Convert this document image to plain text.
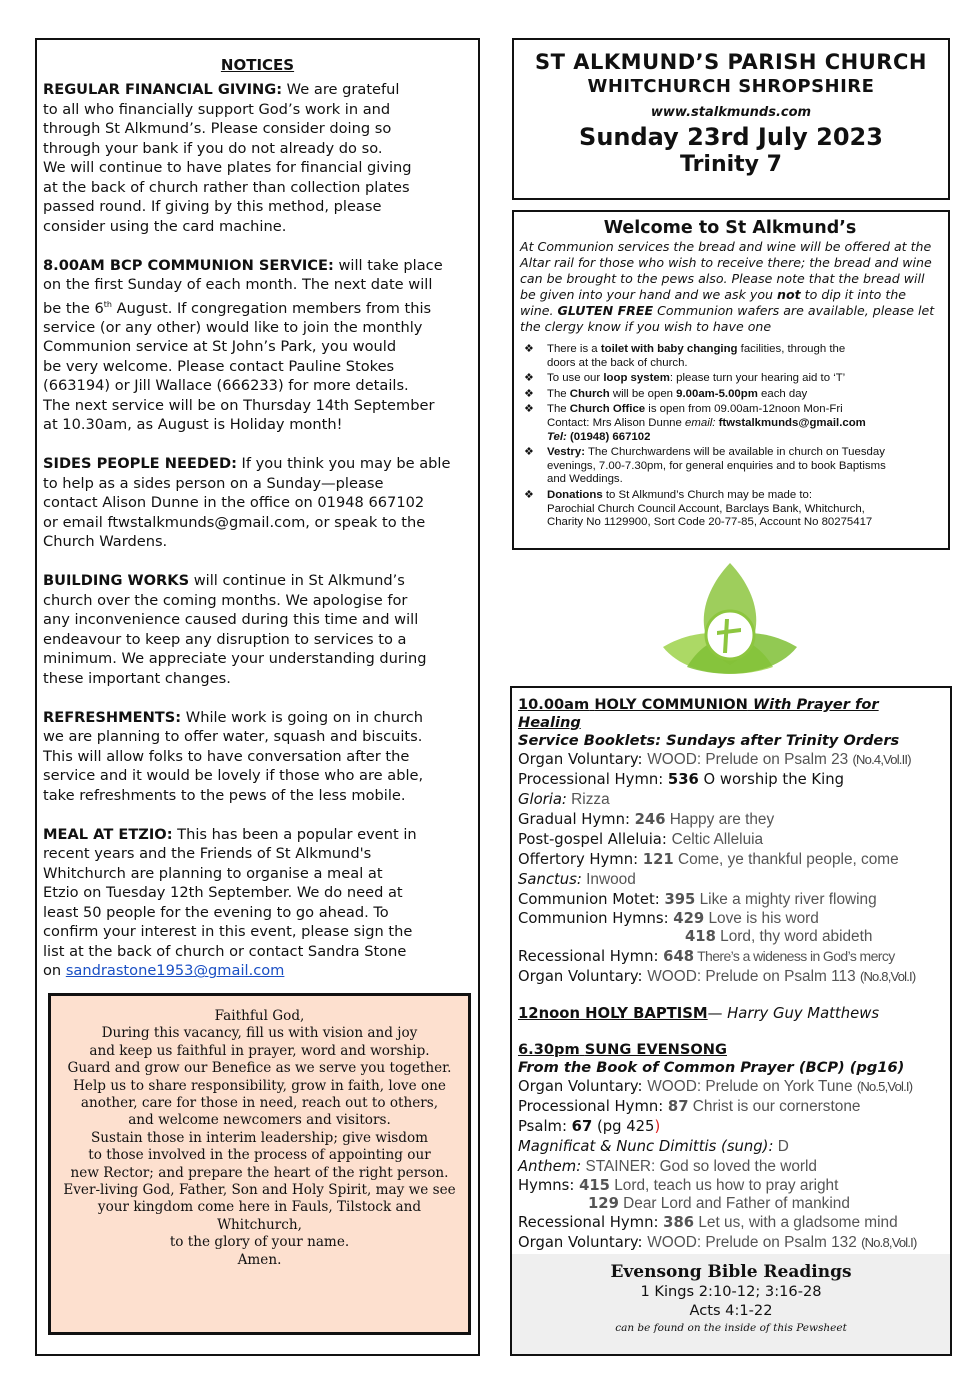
NOTICES
REGULAR FINANCIAL GIVING: We are grateful
to all who financially support God’s work in and
through St Alkmund’s. Please consider doing so
through your bank if you do not already do so.
We will continue to have plates for financial giving
at the back of church rather than collection plates
passed round. If giving by this method, please
consider using the card machine.
8.00AM BCP COMMUNION SERVICE: will take place
on the first Sunday of each month. The next date will
be the 6th August. If congregation members from this
service (or any other) would like to join the monthly
Communion service at St John’s Park, you would
be very welcome. Please contact Pauline Stokes
(663194) or Jill Wallace (666233) for more details.
The next service will be on Thursday 14th September
at 10.30am, as August is Holiday month!
SIDES PEOPLE NEEDED: If you think you may be able
to help as a sides person on a Sunday—please
contact Alison Dunne in the office on 01948 667102
or email ftwstalkmunds@gmail.com, or speak to the
Church Wardens.
BUILDING WORKS will continue in St Alkmund’s
church over the coming months. We apologise for
any inconvenience caused during this time and will
endeavour to keep any disruption to services to a
minimum. We appreciate your understanding during
these important changes.
REFRESHMENTS: While work is going on in church
we are planning to offer water, squash and biscuits.
This will allow folks to have conversation after the
service and it would be lovely if those who are able,
take refreshments to the pews of the less mobile.
MEAL AT ETZIO: This has been a popular event in
recent years and the Friends of St Alkmund's
Whitchurch are planning to organise a meal at
Etzio on Tuesday 12th September. We do need at
least 50 people for the evening to go ahead. To
confirm your interest in this event, please sign the
list at the back of church or contact Sandra Stone
on sandrastone1953@gmail.com
Faithful God,
During this vacancy, fill us with vision and joy
and keep us faithful in prayer, word and worship.
Guard and grow our Benefice as we serve you together.
Help us to share responsibility, grow in faith, love one
another, care for those in need, reach out to others,
and welcome newcomers and visitors.
Sustain those in interim leadership; give wisdom
to those involved in the process of appointing our
new Rector; and prepare the heart of the right person.
Ever-living God, Father, Son and Holy Spirit, may we see
your kingdom come here in Fauls, Tilstock and
Whitchurch,
to the glory of your name.
Amen.
ST ALKMUND’S PARISH CHURCH
WHITCHURCH SHROPSHIRE
www.stalkmunds.com
Sunday 23rd July 2023
Trinity 7
Welcome to St Alkmund’s
At Communion services the bread and wine will be offered at the Altar rail for those who wish to receive there; the bread and wine can be brought to the pews also. Please note that the bread will be given into your hand and we ask you not to dip it into the wine. GLUTEN FREE Communion wafers are available, please let the clergy know if you wish to have one
❖ There is a toilet with baby changing facilities, through the
doors at the back of church.
❖ To use our loop system: please turn your hearing aid to ‘T’
❖ The Church will be open 9.00am-5.00pm each day
❖ The Church Office is open from 09.00am-12noon Mon-Fri
Contact: Mrs Alison Dunne email: ftwstalkmunds@gmail.com
Tel: (01948) 667102
❖ Vestry: The Churchwardens will be available in church on Tuesday
evenings, 7.00-7.30pm, for general enquiries and to book Baptisms
and Weddings.
❖ Donations to St Alkmund’s Church may be made to:
Parochial Church Council Account, Barclays Bank, Whitchurch,
Charity No 1129900, Sort Code 20-77-85, Account No 80275417
10.00am HOLY COMMUNION With Prayer for Healing
Service Booklets: Sundays after Trinity Orders
Organ Voluntary: WOOD: Prelude on Psalm 23 (No.4,Vol.II)
Processional Hymn: 536 O worship the King
Gloria: Rizza
Gradual Hymn: 246 Happy are they
Post-gospel Alleluia: Celtic Alleluia
Offertory Hymn: 121 Come, ye thankful people, come
Sanctus: Inwood
Communion Motet: 395 Like a mighty river flowing
Communion Hymns: 429 Love is his word
418 Lord, thy word abideth
Recessional Hymn: 648 There’s a wideness in God’s mercy
Organ Voluntary: WOOD: Prelude on Psalm 113 (No.8,Vol.I)
12noon HOLY BAPTISM— Harry Guy Matthews
6.30pm SUNG EVENSONG
From the Book of Common Prayer (BCP) (pg16)
Organ Voluntary: WOOD: Prelude on York Tune (No.5,Vol.I)
Processional Hymn: 87 Christ is our cornerstone
Psalm: 67 (pg 425)
Magnificat & Nunc Dimittis (sung): D
Anthem: STAINER: God so loved the world
Hymns: 415 Lord, teach us how to pray aright
129 Dear Lord and Father of mankind
Recessional Hymn: 386 Let us, with a gladsome mind
Organ Voluntary: WOOD: Prelude on Psalm 132 (No.8,Vol.I)
Evensong Bible Readings
1 Kings 2:10-12; 3:16-28
Acts 4:1-22
can be found on the inside of this Pewsheet
